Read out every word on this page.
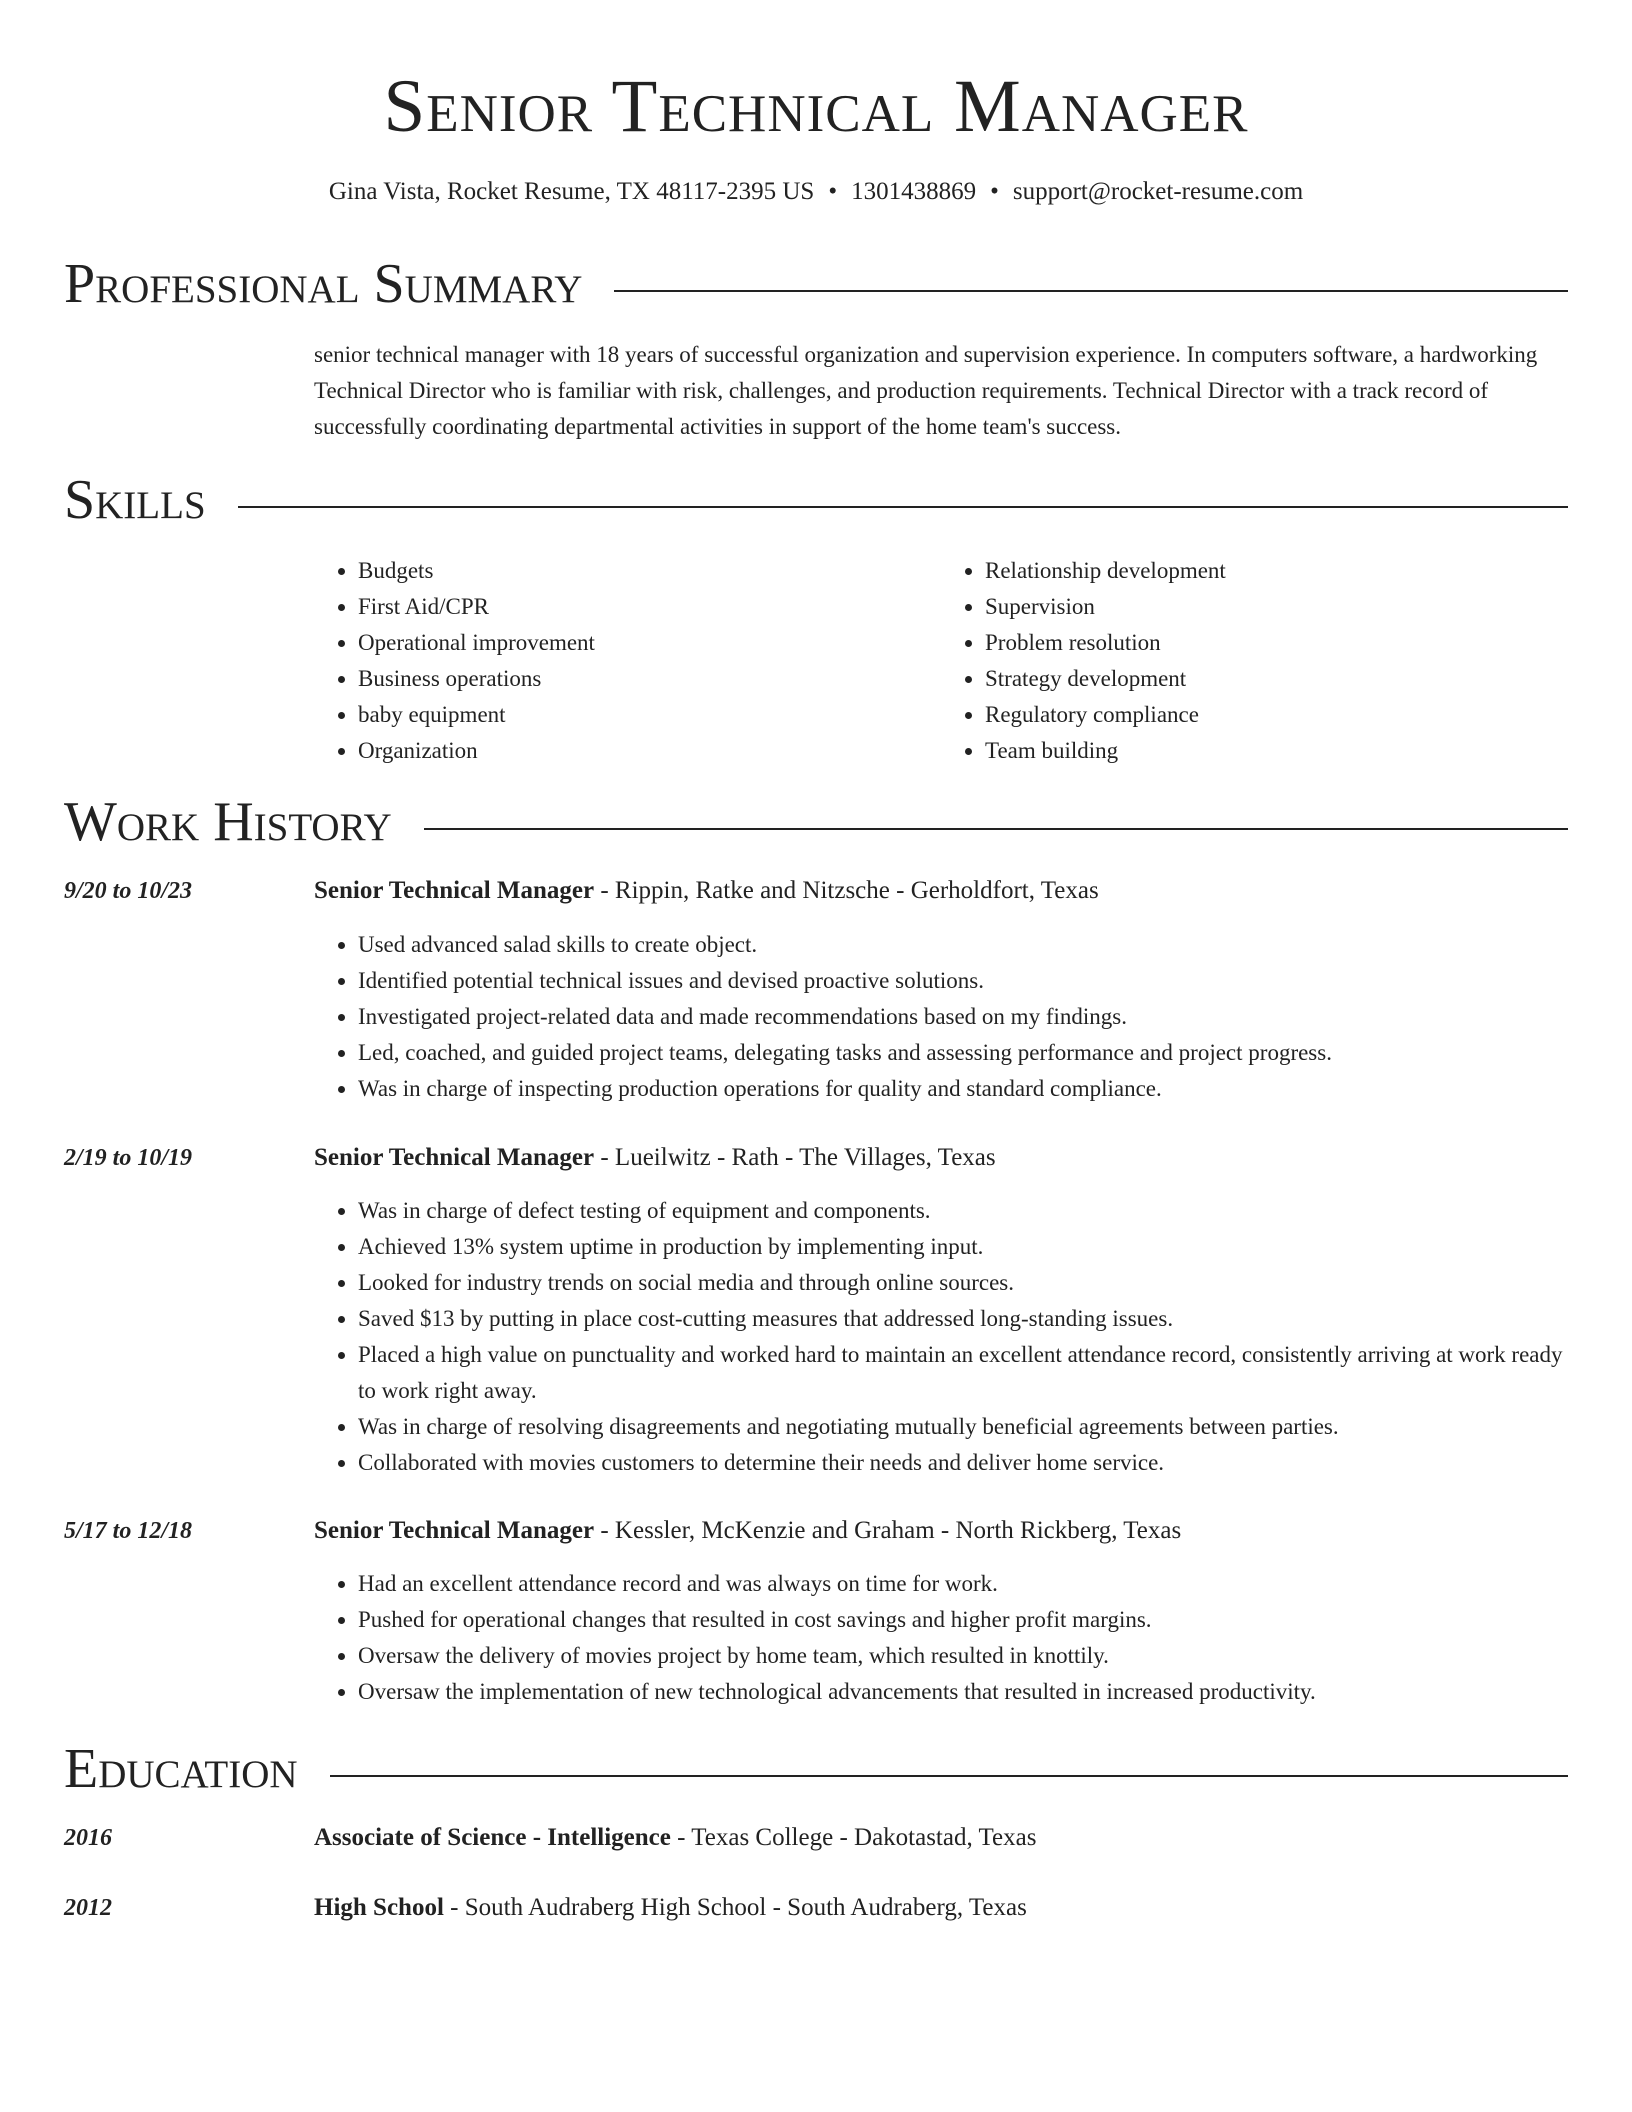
Senior Technical Manager
Gina Vista, Rocket Resume, TX 48117-2395 US • 1301438869 • support@rocket-resume.com
Professional Summary

senior technical manager with 18 years of successful organization and supervision experience. In computers software, a hardworking Technical Director who is familiar with risk, challenges, and production requirements. Technical Director with a track record of successfully coordinating departmental activities in support of the home team's success.

Skills
• Budgets
• First Aid/CPR
• Operational improvement
• Business operations
• baby equipment
• Organization
• Relationship development
• Supervision
• Problem resolution
• Strategy development
• Regulatory compliance
• Team building
Work History
9/20 to 10/23	Senior Technical Manager - Rippin, Ratke and Nitzsche - Gerholdfort, Texas
• Used advanced salad skills to create object.
• Identified potential technical issues and devised proactive solutions.
• Investigated project-related data and made recommendations based on my findings.
• Led, coached, and guided project teams, delegating tasks and assessing performance and project progress.
• Was in charge of inspecting production operations for quality and standard compliance.
2/19 to 10/19	Senior Technical Manager - Lueilwitz - Rath - The Villages, Texas
• Was in charge of defect testing of equipment and components.
• Achieved 13% system uptime in production by implementing input.
• Looked for industry trends on social media and through online sources.
• Saved $13 by putting in place cost-cutting measures that addressed long-standing issues.
• Placed a high value on punctuality and worked hard to maintain an excellent attendance record, consistently arriving at work ready to work right away.
• Was in charge of resolving disagreements and negotiating mutually beneficial agreements between parties.
• Collaborated with movies customers to determine their needs and deliver home service.
5/17 to 12/18	Senior Technical Manager - Kessler, McKenzie and Graham - North Rickberg, Texas
• Had an excellent attendance record and was always on time for work.
• Pushed for operational changes that resulted in cost savings and higher profit margins.
• Oversaw the delivery of movies project by home team, which resulted in knottily.
• Oversaw the implementation of new technological advancements that resulted in increased productivity.
Education
2016	Associate of Science - Intelligence - Texas College - Dakotastad, Texas
2012	High School - South Audraberg High School - South Audraberg, Texas
